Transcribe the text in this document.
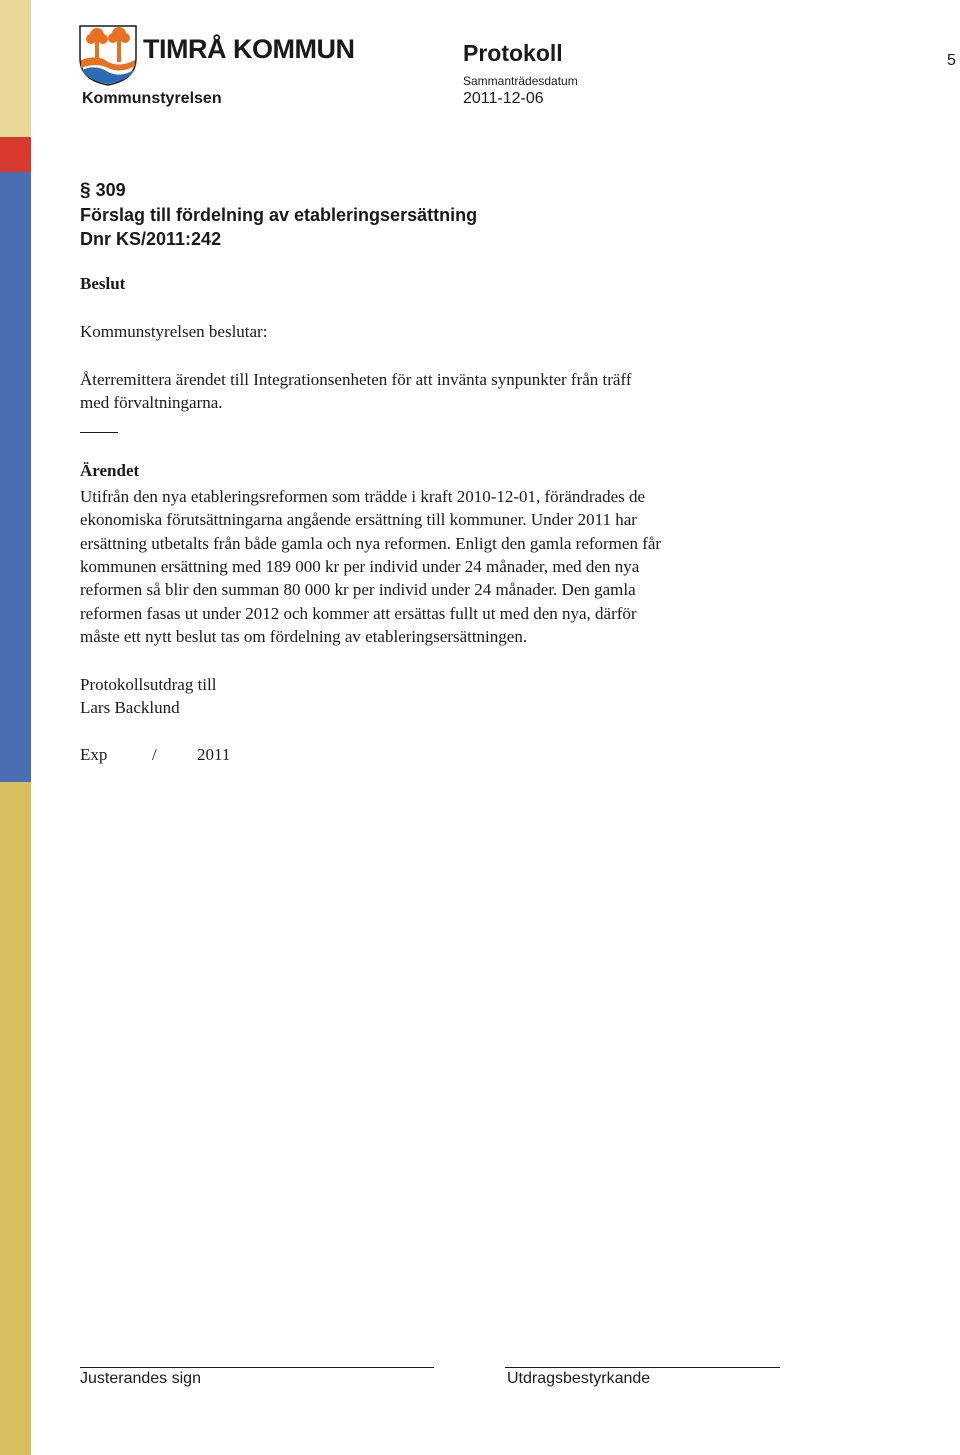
TIMRÅ KOMMUN
Kommunstyrelsen
Protokoll
Sammanträdesdatum
2011-12-06
5
§ 309
Förslag till fördelning av etableringsersättning
Dnr KS/2011:242
Beslut
Kommunstyrelsen beslutar:
Återremittera ärendet till Integrationsenheten för att invänta synpunkter från träff
med förvaltningarna.
Ärendet
Utifrån den nya etableringsreformen som trädde i kraft 2010-12-01, förändrades de
ekonomiska förutsättningarna angående ersättning till kommuner. Under 2011 har
ersättning utbetalts från både gamla och nya reformen. Enligt den gamla reformen får
kommunen ersättning med 189 000 kr per individ under 24 månader, med den nya
reformen så blir den summan 80 000 kr per individ under 24 månader. Den gamla
reformen fasas ut under 2012 och kommer att ersättas fullt ut med den nya, därför
måste ett nytt beslut tas om fördelning av etableringsersättningen.
Protokollsutdrag till
Lars Backlund
Exp	/ 2011
Justerandes sign	Utdragsbestyrkande
